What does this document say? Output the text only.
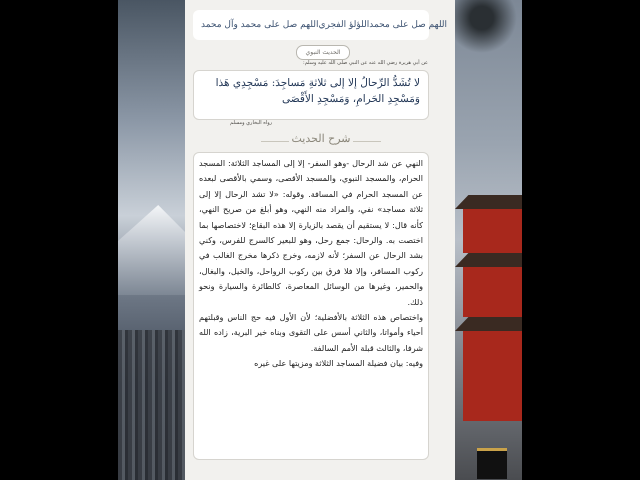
اللهم صل على محمد وآل محمد اللؤلؤ الفجري اللهم صل على محمد
الحديث النبوي
عن أبي هريرة رضي الله عنه عن النبي صلى الله عليه وسلم:
لا تُشَدُّ الرِّحالُ إلا إلى ثلاثةِ مَساجِدَ: مَسْجِدِي هَذا وَمَسْجِدِ الحَرامِ، وَمَسْجِدِ الأَقْصَى
رواه البخاري ومسلم
شرح الحديث

النهي عن شد الرحال -وهو السفر- إلا إلى المساجد الثلاثة: المسجد الحرام، والمسجد النبوي، والمسجد الأقصى، وسمي بالأقصى لبعده عن المسجد الحرام في المسافة. وقوله: «لا تشد الرحال إلا إلى ثلاثة مساجد» نفي، والمراد منه النهي، وهو أبلغ من صريح النهي، كأنه قال: لا يستقيم أن يقصد بالزيارة إلا هذه البقاع؛ لاختصاصها بما اختصت به. والرحال: جمع رحل، وهو للبعير كالسرج للفرس، وكني بشد الرحال عن السفر؛ لأنه لازمه، وخرج ذكرها مخرج الغالب في ركوب المسافر، وإلا فلا فرق بين ركوب الرواحل، والخيل، والبغال، والحمير، وغيرها من الوسائل المعاصرة، كالطائرة والسيارة ونحو ذلك.

واختصاص هذه الثلاثة بالأفضلية؛ لأن الأول فيه حج الناس وقبلتهم أحياء وأمواتا، والثاني أسس على التقوى وبناه خير البرية، زاده الله شرفا، والثالث قبلة الأمم السالفة.

وفيه: بيان فضيلة المساجد الثلاثة ومزيتها على غيره
